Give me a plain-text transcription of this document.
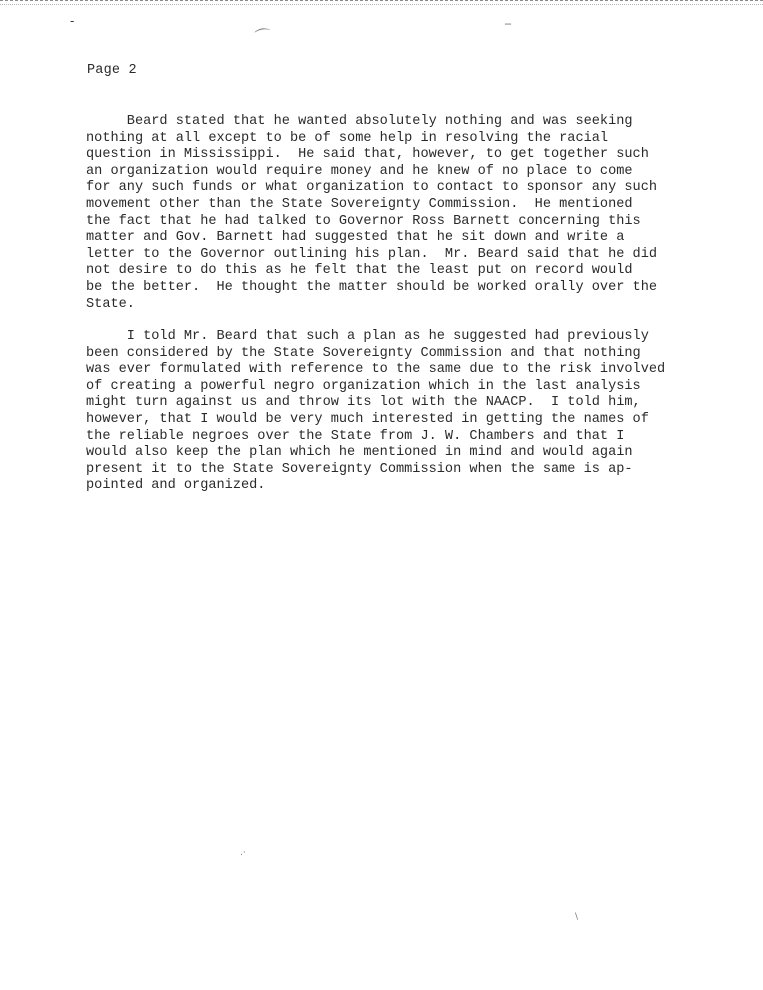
⌒	‾
-
.·
\
Page 2

Beard stated that he wanted absolutely nothing and was seeking
nothing at all except to be of some help in resolving the racial
question in Mississippi.  He said that, however, to get together such
an organization would require money and he knew of no place to come
for any such funds or what organization to contact to sponsor any such
movement other than the State Sovereignty Commission.  He mentioned
the fact that he had talked to Governor Ross Barnett concerning this
matter and Gov. Barnett had suggested that he sit down and write a
letter to the Governor outlining his plan.  Mr. Beard said that he did
not desire to do this as he felt that the least put on record would
be the better.  He thought the matter should be worked orally over the
State.

I told Mr. Beard that such a plan as he suggested had previously
been considered by the State Sovereignty Commission and that nothing
was ever formulated with reference to the same due to the risk involved
of creating a powerful negro organization which in the last analysis
might turn against us and throw its lot with the NAACP.  I told him,
however, that I would be very much interested in getting the names of
the reliable negroes over the State from J. W. Chambers and that I
would also keep the plan which he mentioned in mind and would again
present it to the State Sovereignty Commission when the same is ap-
pointed and organized.
